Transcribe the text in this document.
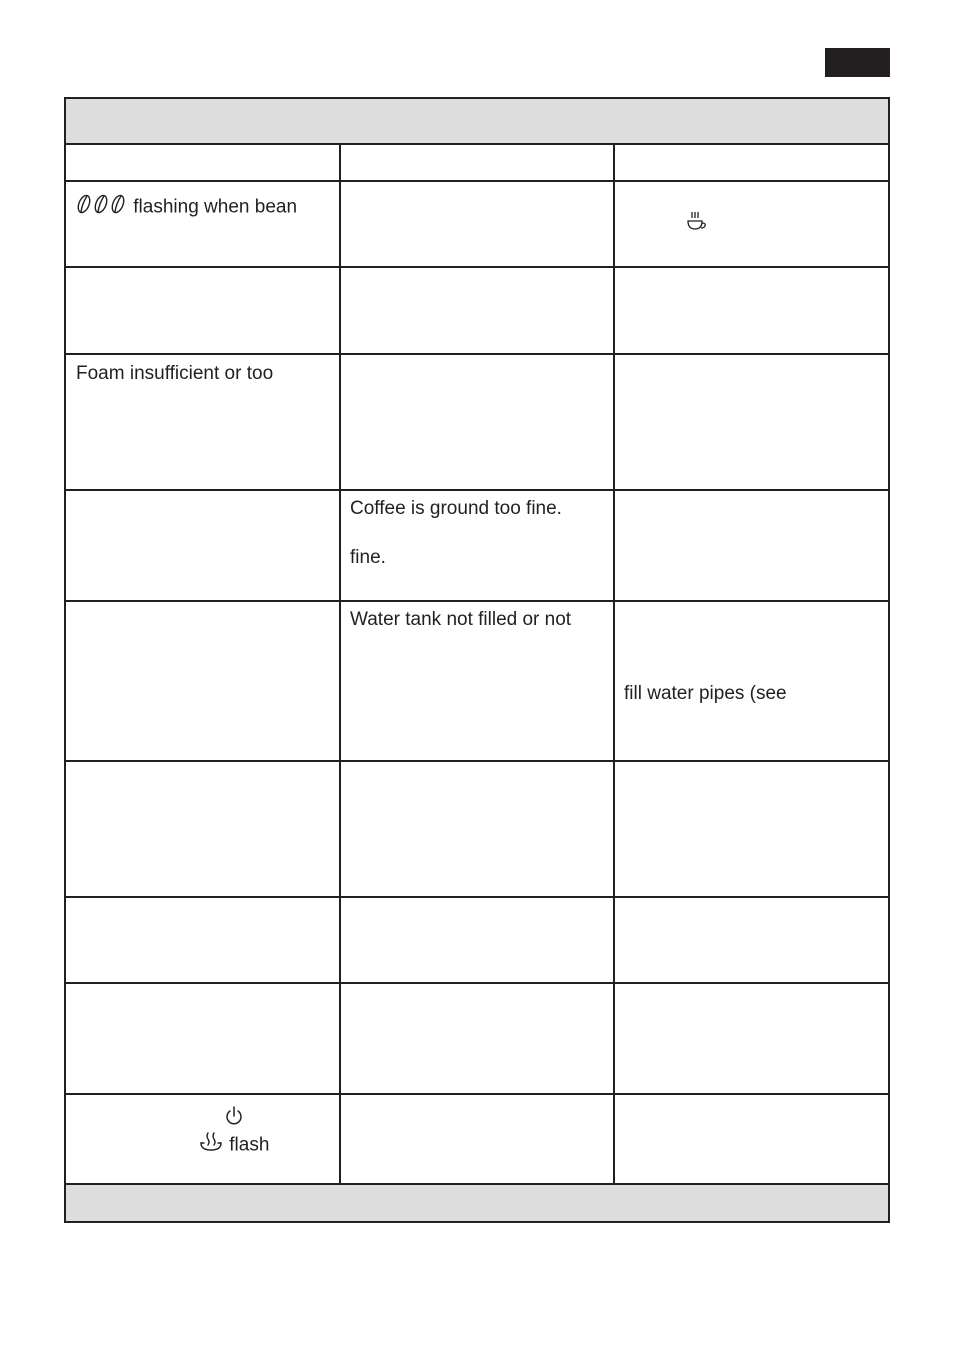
flashing when bean
Foam insufficient or too
Coffee is ground too fine.
fine.
Water tank not filled or not
fill water pipes (see
flash
